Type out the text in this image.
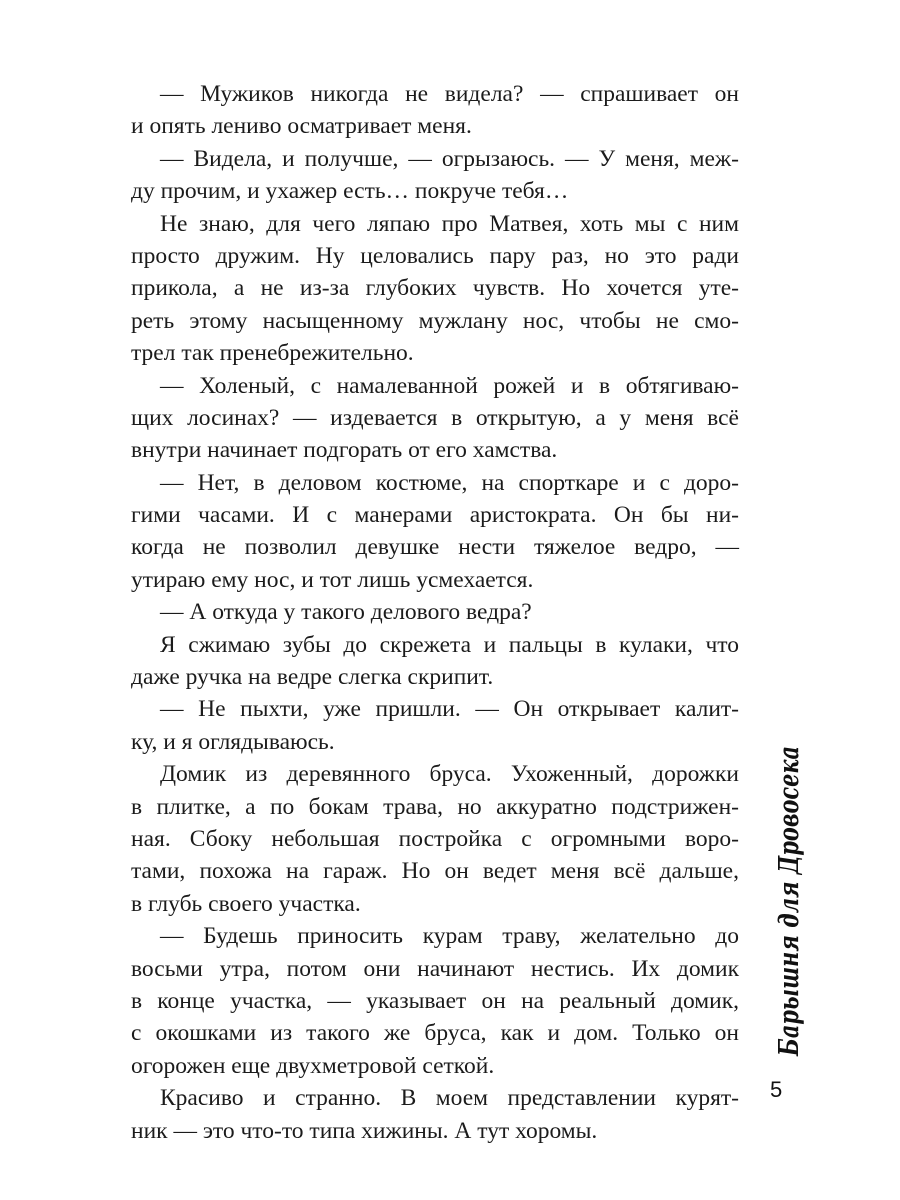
— Мужиков никогда не видела? — спрашивает он
и опять лениво осматривает меня.
— Видела, и получше, — огрызаюсь. — У меня, меж-
ду прочим, и ухажер есть… покруче тебя…
Не знаю, для чего ляпаю про Матвея, хоть мы с ним
просто дружим. Ну целовались пару раз, но это ради
прикола, а не из-за глубоких чувств. Но хочется уте-
реть этому насыщенному мужлану нос, чтобы не смо-
трел так пренебрежительно.
— Холеный, с намалеванной рожей и в обтягиваю-
щих лосинах? — издевается в открытую, а у меня всё
внутри начинает подгорать от его хамства.
— Нет, в деловом костюме, на спорткаре и с доро-
гими часами. И с манерами аристократа. Он бы ни-
когда не позволил девушке нести тяжелое ведро, —
утираю ему нос, и тот лишь усмехается.
— А откуда у такого делового ведра?
Я сжимаю зубы до скрежета и пальцы в кулаки, что
даже ручка на ведре слегка скрипит.
— Не пыхти, уже пришли. — Он открывает калит-
ку, и я оглядываюсь.
Домик из деревянного бруса. Ухоженный, дорожки
в плитке, а по бокам трава, но аккуратно подстрижен-
ная. Сбоку небольшая постройка с огромными воро-
тами, похожа на гараж. Но он ведет меня всё дальше,
в глубь своего участка.
— Будешь приносить курам траву, желательно до
восьми утра, потом они начинают нестись. Их домик
в конце участка, — указывает он на реальный домик,
с окошками из такого же бруса, как и дом. Только он
огорожен еще двухметровой сеткой.
Красиво и странно. В моем представлении курят-
ник — это что-то типа хижины. А тут хоромы.
Барышня для Дровосека
5
